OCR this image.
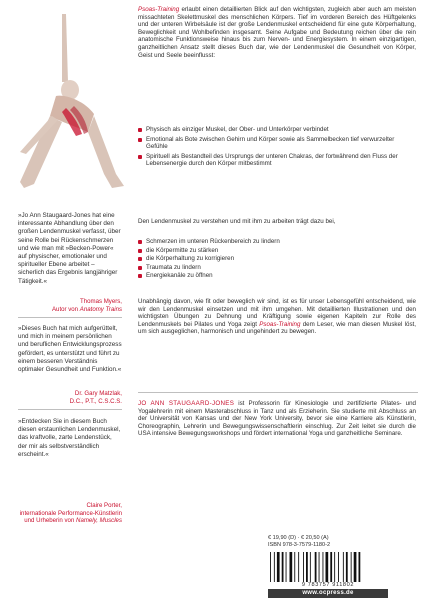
»Jo Ann Staugaard-Jones hat eine interessante Abhandlung über den großen Lendenmuskel verfasst, über seine Rolle bei Rückenschmerzen und wie man mit »Becken-Power« auf physischer, emotionaler und spiritueller Ebene arbeitet – sicherlich das Ergebnis langjähriger Tätigkeit.«
Thomas Myers,
Autor von Anatomy Trains
»Dieses Buch hat mich aufgerüttelt, und mich in meinem persönlichen und beruflichen Entwicklungsprozess gefördert, es unterstützt und führt zu einem besseren Verständnis optimaler Gesundheit und Funktion.«
Dr. Gary Matzlak,
D.C., P.T., C.S.C.S.
»Entdecken Sie in diesem Buch diesen erstaunlichen Lendenmuskel, das kraftvolle, zarte Lendenstück, der mir als selbstverständlich erscheint.«
Claire Porter,
internationale Performance-Künstlerin und Urheberin von Namely, Muscles

Psoas-Training erlaubt einen detaillierten Blick auf den wichtigsten, zugleich aber auch am meisten missachteten Skelettmuskel des menschlichen Körpers. Tief im vorderen Bereich des Hüftgelenks und der unteren Wirbelsäule ist der große Lendenmuskel entscheidend für eine gute Körperhaltung, Beweglichkeit und Wohlbefinden insgesamt. Seine Aufgabe und Bedeutung reichen über die rein anatomische Funktionsweise hinaus bis zum Nerven- und Energiesystem. In einem einzigartigen, ganzheitlichen Ansatz stellt dieses Buch dar, wie der Lendenmuskel die Gesundheit von Körper, Geist und Seele beeinflusst:

Physisch als einziger Muskel, der Ober- und Unterkörper verbindet
Emotional als Bote zwischen Gehirn und Körper sowie als Sammelbecken tief verwurzelter Gefühle
Spirituell als Bestandteil des Ursprungs der unteren Chakras, der fortwährend den Fluss der Lebensenergie durch den Körper mitbestimmt

Den Lendenmuskel zu verstehen und mit ihm zu arbeiten trägt dazu bei,

Schmerzen im unteren Rückenbereich zu lindern
die Körpermitte zu stärken
die Körperhaltung zu korrigieren
Traumata zu lindern
Energiekanäle zu öffnen

Unabhängig davon, wie fit oder beweglich wir sind, ist es für unser Lebensgefühl entscheidend, wie wir den Lendenmuskel einsetzen und mit ihm umgehen. Mit detaillierten Illustrationen und den wichtigsten Übungen zu Dehnung und Kräftigung sowie eigenen Kapiteln zur Rolle des Lendenmuskels bei Pilates und Yoga zeigt Psoas-Training dem Leser, wie man diesen Muskel löst, um sich ausgeglichen, harmonisch und ungehindert zu bewegen.

JO ANN STAUGAARD-JONES ist Professorin für Kinesiologie und zertifizierte Pilates- und Yogalehrerin mit einem Masterabschluss in Tanz und als Erzieherin. Sie studierte mit Abschluss an der Universität von Kansas und der New York University, bevor sie eine Karriere als Künstlerin, Choreographin, Lehrerin und Bewegungswissenschaftlerin einschlug. Zur Zeit leitet sie durch die USA intensive Bewegungsworkshops und fördert international Yoga und ganzheitliche Seminare.

€ 19,90 (D) · € 20,50 (A)
ISBN 978-3-7579-1180-2
9 783757 911802
www.ocpress.de
